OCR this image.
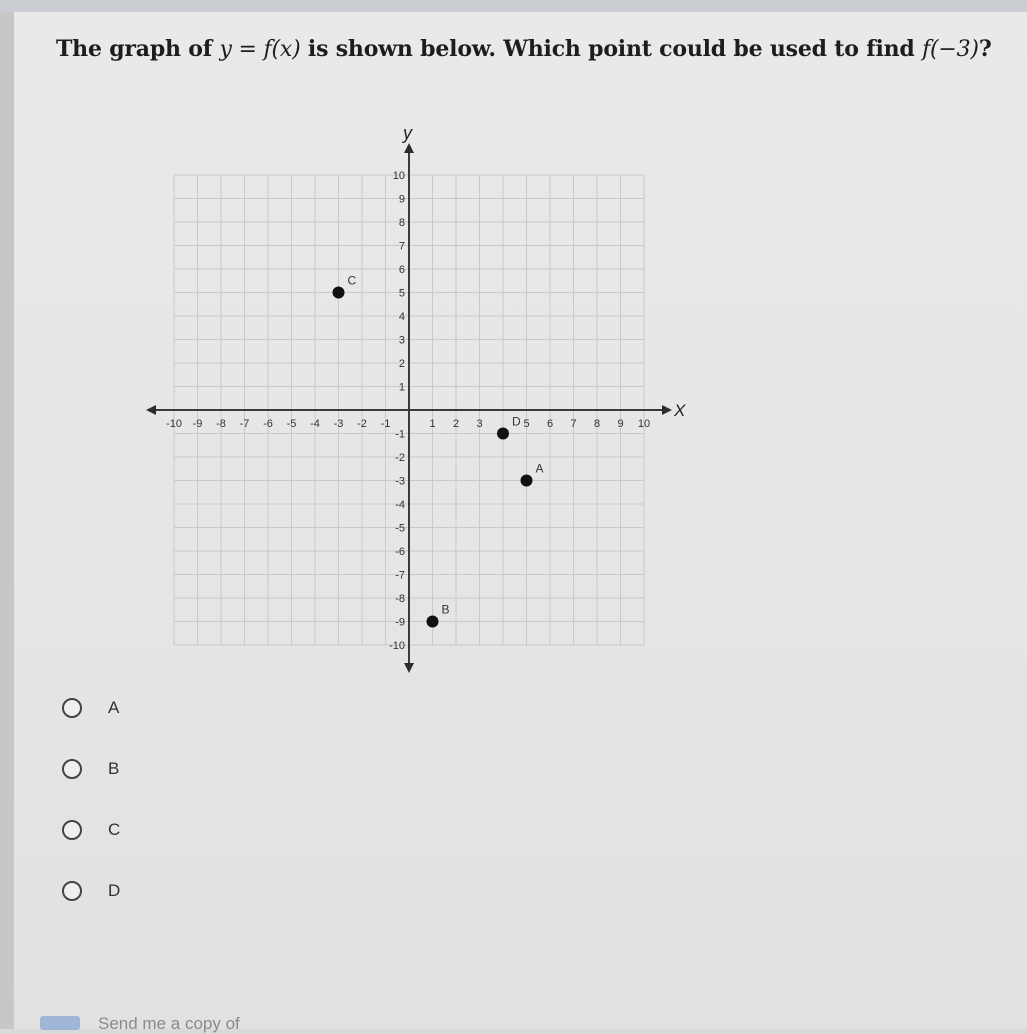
The graph of y = f(x) is shown below. Which point could be used to find f(−3)?
X
y
-10 -9 -8 -7 -6 -5 -4 -3 -2 -1	1 2 3	5 6 7 8 9 10
10
9
8
7
6
5
4
3
2
1
-1
-2
-3
-4
-5
-6
-7
-8
-9
-10
C
D
A
B
A
B
C
D
Send me a copy of
